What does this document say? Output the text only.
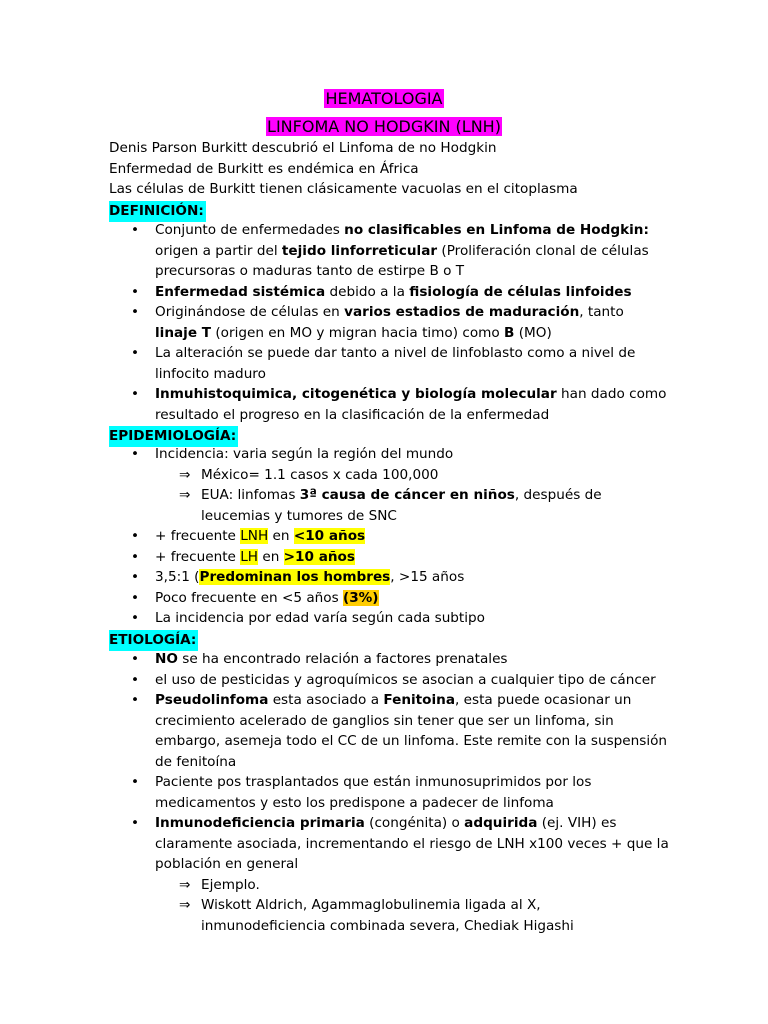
HEMATOLOGIA
LINFOMA NO HODGKIN (LNH)
Denis Parson Burkitt descubrió el Linfoma de no Hodgkin
Enfermedad de Burkitt es endémica en África
Las células de Burkitt tienen clásicamente vacuolas en el citoplasma
DEFINICIÓN:
• Conjunto de enfermedades no clasificables en Linfoma de Hodgkin: origen a partir del tejido linforreticular (Proliferación clonal de células precursoras o maduras tanto de estirpe B o T
• Enfermedad sistémica debido a la fisiología de células linfoides
• Originándose de células en varios estadios de maduración, tanto linaje T (origen en MO y migran hacia timo) como B (MO)
• La alteración se puede dar tanto a nivel de linfoblasto como a nivel de linfocito maduro
• Inmuhistoquimica, citogenética y biología molecular han dado como resultado el progreso en la clasificación de la enfermedad
EPIDEMIOLOGÍA:
• Incidencia: varia según la región del mundo
⇒ México= 1.1 casos x cada 100,000
⇒ EUA: linfomas 3ª causa de cáncer en niños, después de leucemias y tumores de SNC
• + frecuente LNH en <10 años
• + frecuente LH en >10 años
• 3,5:1 (Predominan los hombres, >15 años
• Poco frecuente en <5 años (3%)
• La incidencia por edad varía según cada subtipo
ETIOLOGÍA:
• NO se ha encontrado relación a factores prenatales
• el uso de pesticidas y agroquímicos se asocian a cualquier tipo de cáncer
• Pseudolinfoma esta asociado a Fenitoina, esta puede ocasionar un crecimiento acelerado de ganglios sin tener que ser un linfoma, sin embargo, asemeja todo el CC de un linfoma. Este remite con la suspensión de fenitoína
• Paciente pos trasplantados que están inmunosuprimidos por los medicamentos y esto los predispone a padecer de linfoma
• Inmunodeficiencia primaria (congénita) o adquirida (ej. VIH) es claramente asociada, incrementando el riesgo de LNH x100 veces + que la población en general
⇒ Ejemplo.
⇒ Wiskott Aldrich, Agammaglobulinemia ligada al X, inmunodeficiencia combinada severa, Chediak Higashi
